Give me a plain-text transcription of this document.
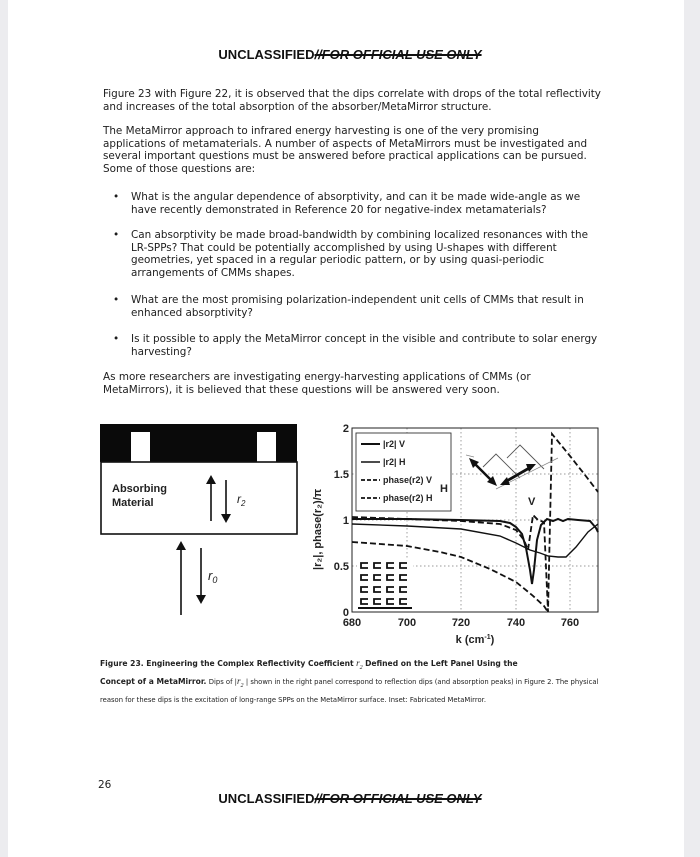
UNCLASSIFIED//FOR OFFICIAL USE ONLY

Figure 23 with Figure 22, it is observed that the dips correlate with drops of the total reflectivity and increases of the total absorption of the absorber/MetaMirror structure.

The MetaMirror approach to infrared energy harvesting is one of the very promising applications of metamaterials. A number of aspects of MetaMirrors must be investigated and several important questions must be answered before practical applications can be pursued. Some of those questions are:

•	What is the angular dependence of absorptivity, and can it be made wide-angle as we have recently demonstrated in Reference 20 for negative-index metamaterials?
•	Can absorptivity be made broad-bandwidth by combining localized resonances with the LR-SPPs? That could be potentially accomplished by using U-shapes with different geometries, yet spaced in a regular periodic pattern, or by using quasi-periodic arrangements of CMMs shapes.
•	What are the most promising polarization-independent unit cells of CMMs that result in enhanced absorptivity?
•	Is it possible to apply the MetaMirror concept in the visible and contribute to solar energy harvesting?

As more researchers are investigating energy-harvesting applications of CMMs (or MetaMirrors), it is believed that these questions will be answered very soon.

Absorbing
Material	$r_2$
$r_0$
|r₂|, phase(r₂)/π
2
1.5
1
0.5
0
680	700	720	740	760
k $(cm^{-1})$
|r2| V
|r2| H
phase(r2) V
phase(r2) H
H
V
Figure 23. Engineering the Complex Reflectivity Coefficient $r_2$ Defined on the Left Panel Using the
Concept of a MetaMirror. Dips of $|r_2$ | shown in the right panel correspond to reflection dips (and absorption peaks) in Figure 2. The physical reason for these dips is the excitation of long-range SPPs on the MetaMirror surface. Inset: Fabricated MetaMirror.
26
UNCLASSIFIED//FOR OFFICIAL USE ONLY
